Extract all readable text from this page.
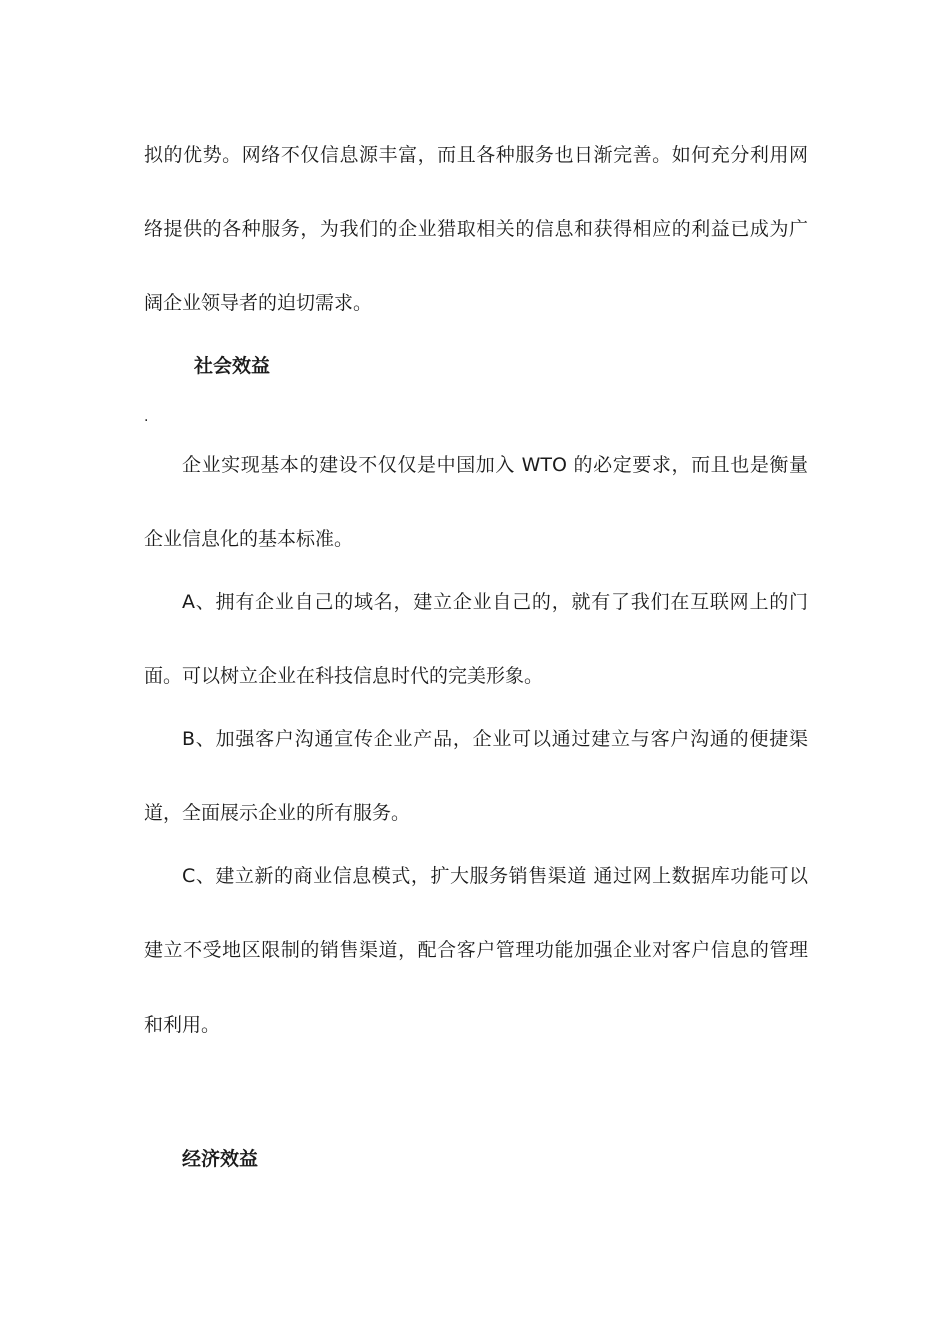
拟的优势。网络不仅信息源丰富，而且各种服务也日渐完善。如何充分利用网
络提供的各种服务，为我们的企业猎取相关的信息和获得相应的利益已成为广
阔企业领导者的迫切需求。
社会效益
.
企业实现基本的建设不仅仅是中国加入 WTO 的必定要求，而且也是衡量
企业信息化的基本标准。
A、拥有企业自己的域名，建立企业自己的，就有了我们在互联网上的门
面。可以树立企业在科技信息时代的完美形象。
B、加强客户沟通宣传企业产品，企业可以通过建立与客户沟通的便捷渠
道，全面展示企业的所有服务。
C、建立新的商业信息模式，扩大服务销售渠道 通过网上数据库功能可以
建立不受地区限制的销售渠道，配合客户管理功能加强企业对客户信息的管理
和利用。
经济效益
